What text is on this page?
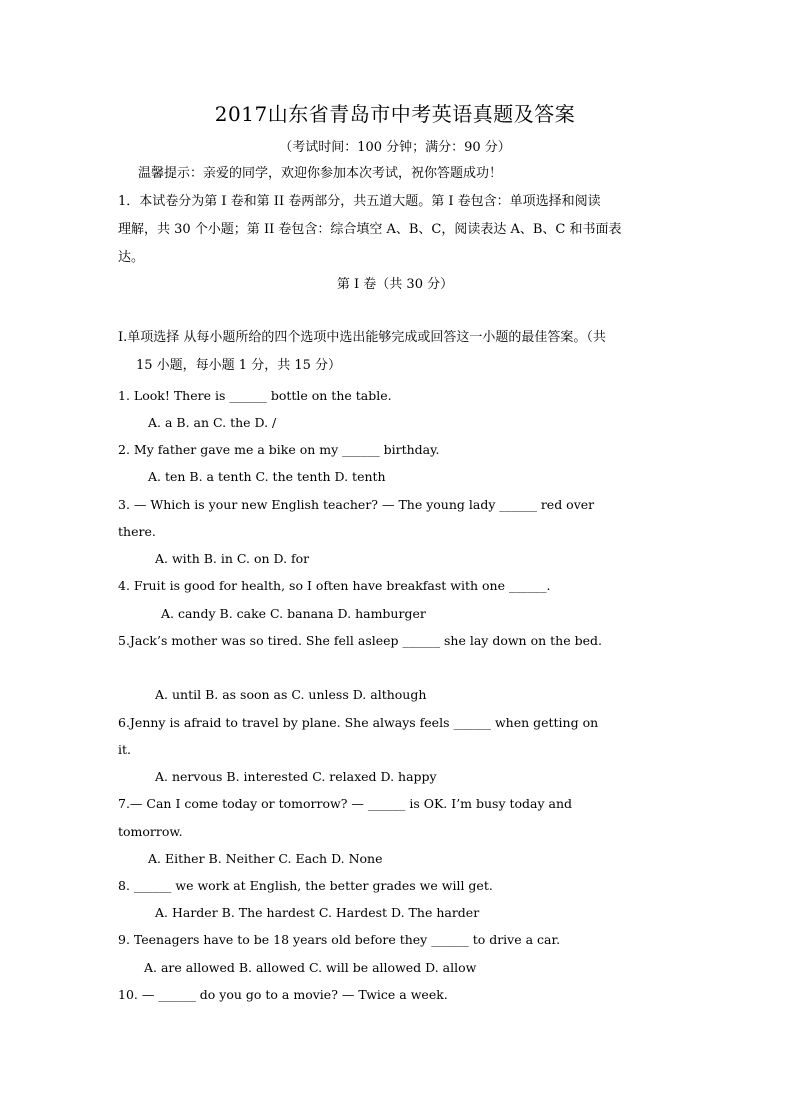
2017山东省青岛市中考英语真题及答案
（考试时间：100 分钟；满分：90 分）
温馨提示：亲爱的同学，欢迎你参加本次考试，祝你答题成功！
1．本试卷分为第 I 卷和第 II 卷两部分，共五道大题。第 I 卷包含：单项选择和阅读
理解，共 30 个小题；第 II 卷包含：综合填空 A、B、C，阅读表达 A、B、C 和书面表
达。
第 I 卷（共 30 分）
I.单项选择 从每小题所给的四个选项中选出能够完成或回答这一小题的最佳答案。（共
15 小题，每小题 1 分，共 15 分）
1. Look! There is ______ bottle on the table.
A. a B. an C. the D. /
2. My father gave me a bike on my ______ birthday.
A. ten B. a tenth C. the tenth D. tenth
3. — Which is your new English teacher? — The young lady ______ red over
there.
A. with B. in C. on D. for
4. Fruit is good for health, so I often have breakfast with one ______.
A. candy B. cake C. banana D. hamburger
5.Jack’s mother was so tired. She fell asleep ______ she lay down on the bed.
A. until B. as soon as C. unless D. although
6.Jenny is afraid to travel by plane. She always feels ______ when getting on
it.
A. nervous B. interested C. relaxed D. happy
7.— Can I come today or tomorrow? — ______ is OK. I’m busy today and
tomorrow.
A. Either B. Neither C. Each D. None
8. ______ we work at English, the better grades we will get.
A. Harder B. The hardest C. Hardest D. The harder
9. Teenagers have to be 18 years old before they ______ to drive a car.
A. are allowed B. allowed C. will be allowed D. allow
10. — ______ do you go to a movie? — Twice a week.
